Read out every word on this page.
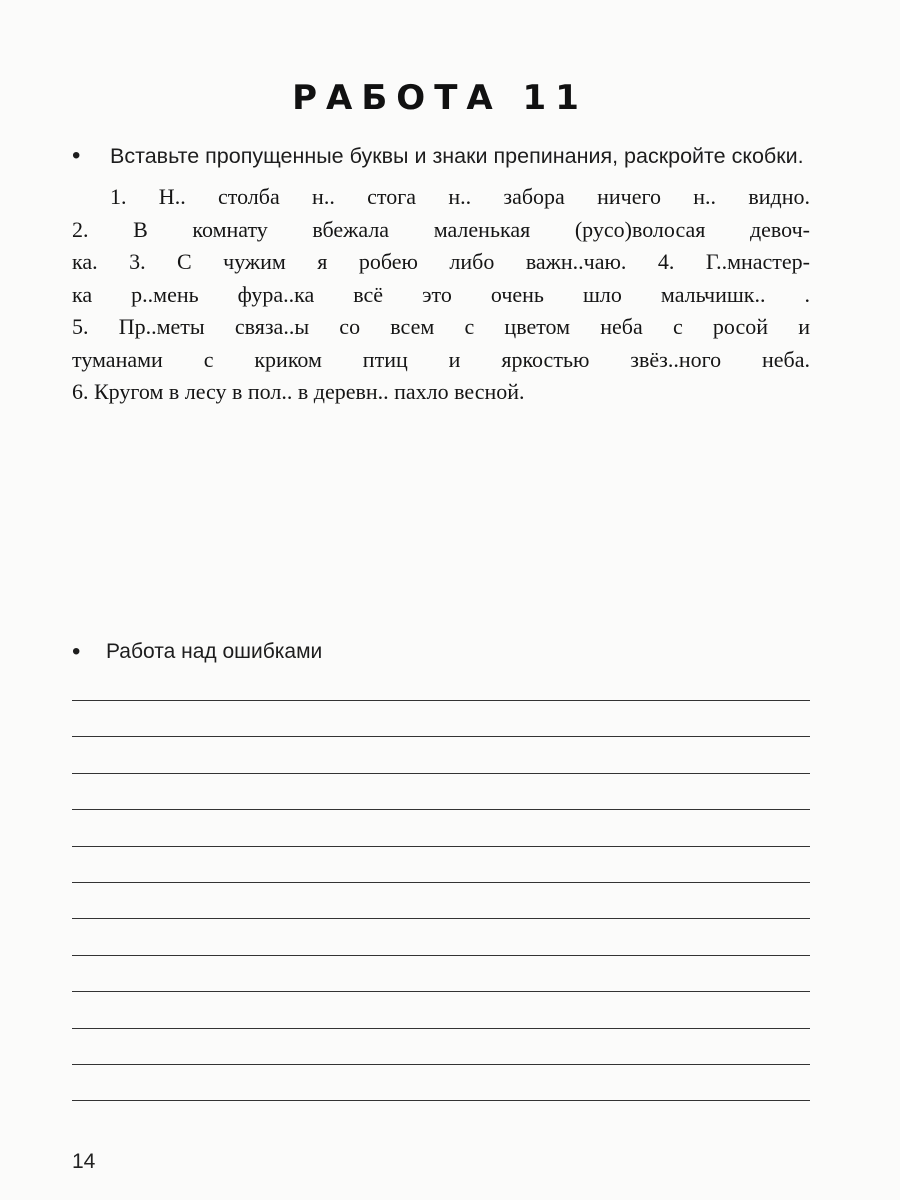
РАБОТА 11
•	Вставьте пропущенные буквы и знаки препинания, раскройте скобки.
1. Н.. столба н.. стога н.. забора ничего н.. видно.
2. В комнату вбежала маленькая (русо)волосая девоч-
ка. 3. С чужим я робею либо важн..чаю. 4. Г..мнастер-
ка р..мень фура..ка всё это очень шло мальчишк.. .
5. Пр..меты связа..ы со всем с цветом неба с росой и
туманами с криком птиц и яркостью звёз..ного неба.
6. Кругом в лесу в пол.. в деревн.. пахло весной.
•	Работа над ошибками
14
